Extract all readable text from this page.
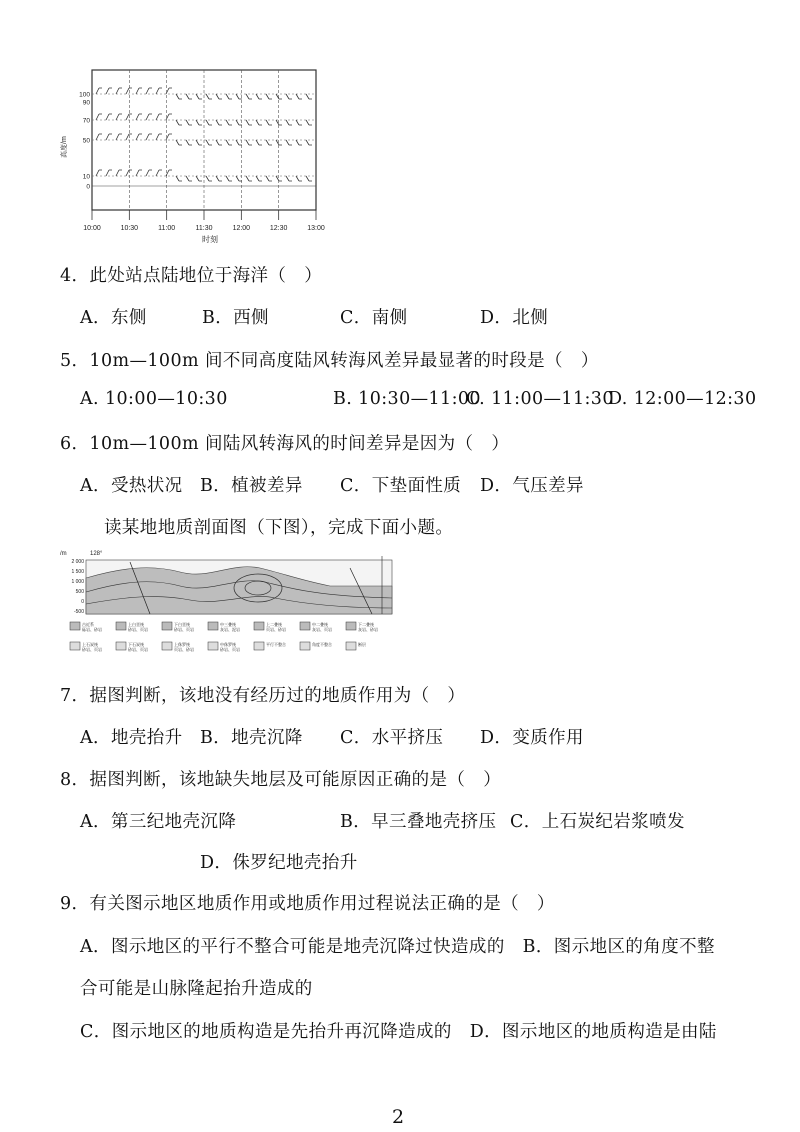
100
90
70
50
10
0
10:00	10:30	11:00	11:30	12:00	12:30	13:00
高度/m
时刻
4．此处站点陆地位于海洋（　）
A．东侧	B．西侧	C．南侧	D．北侧
5．10m—100m 间不同高度陆风转海风差异最显著的时段是（　）
A. 10:00—10:30	B. 10:30—11:00
C. 11:00—11:30
D. 12:00—12:30
6．10m—100m 间陆风转海风的时间差异是因为（　）
A．受热状况 B．植被差异 C．下垫面性质 D．气压差异
读某地地质剖面图（下图），完成下面小题。
/m	128°
2 000
1 500
1 000
500
0
-500
古近系
砾岩、砂岩
上白垩统
砂岩、页岩
下白垩统
砂岩、页岩
中三叠统
灰岩、泥岩
上二叠统
页岩、砂岩
中二叠统
灰岩、页岩
下二叠统
灰岩、砂岩
上石炭统
砂岩、页岩
下石炭统
砂岩、页岩
上侏罗统
页岩、砂岩
中侏罗统
砂岩、页岩
平行不整合	角度不整合	断层
7．据图判断，该地没有经历过的地质作用为（　）
A．地壳抬升 B．地壳沉降 C．水平挤压 D．变质作用
8．据图判断，该地缺失地层及可能原因正确的是（　）
A．第三纪地壳沉降	B．早三叠地壳挤压 C．上石炭纪岩浆喷发
D．侏罗纪地壳抬升
9．有关图示地区地质作用或地质作用过程说法正确的是（　）
A．图示地区的平行不整合可能是地壳沉降过快造成的　B．图示地区的角度不整
合可能是山脉隆起抬升造成的
C．图示地区的地质构造是先抬升再沉降造成的　D．图示地区的地质构造是由陆
2
